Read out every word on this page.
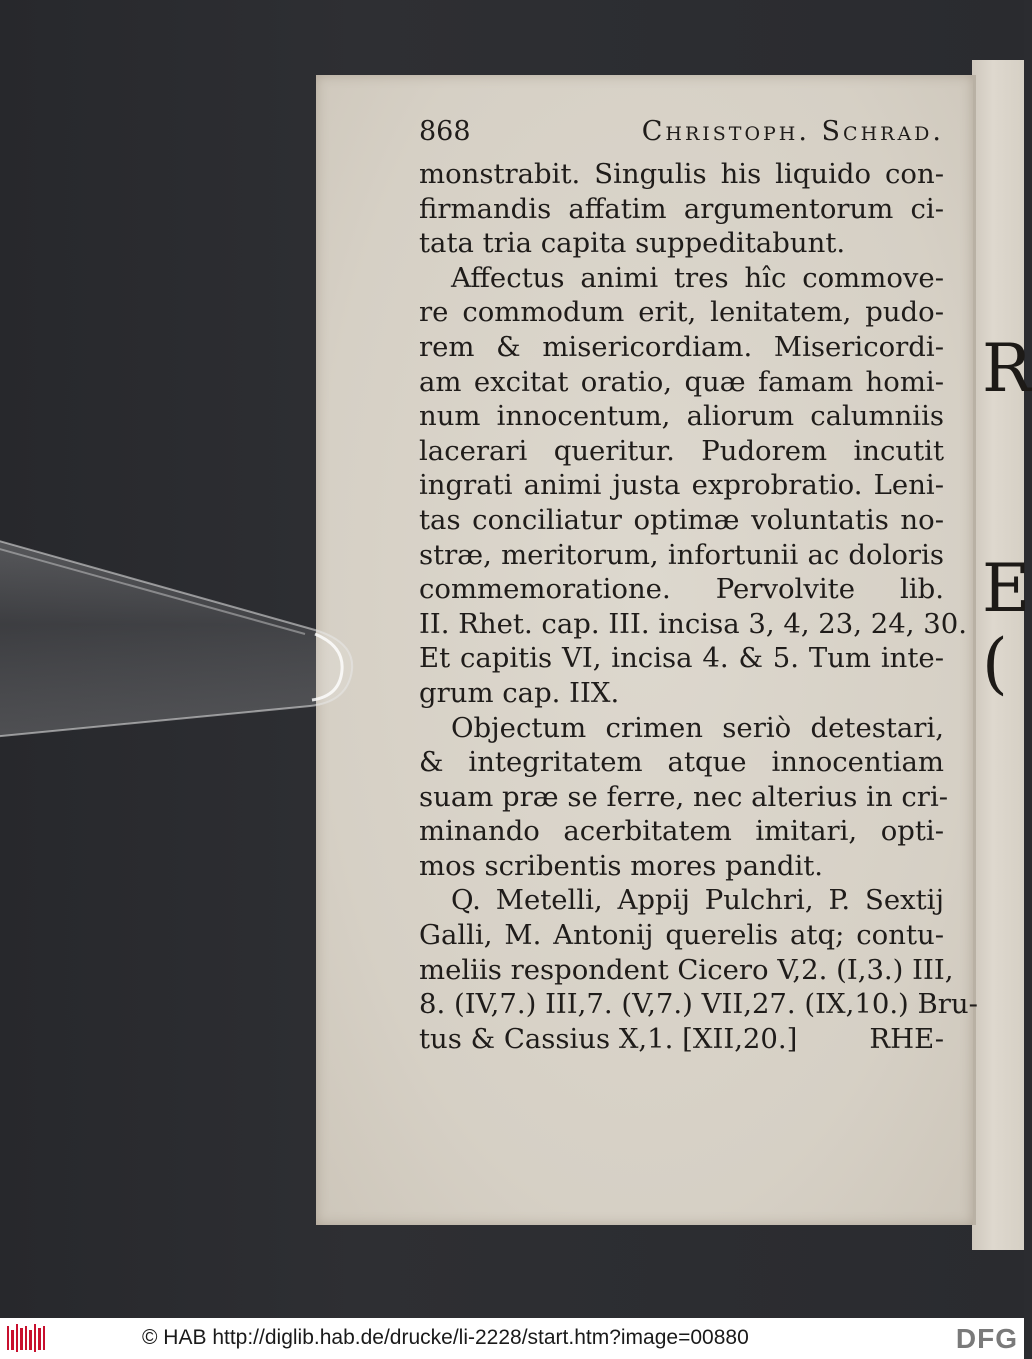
R
E
(
868	Christoph. Schrad.
monstrabit. Singulis his liquido con-
firmandis affatim argumentorum ci-
tata tria capita suppeditabunt.
Affectus animi tres hîc commove-
re commodum erit, lenitatem, pudo-
rem & misericordiam. Misericordi-
am excitat oratio, quæ famam homi-
num innocentum, aliorum calumniis
lacerari queritur. Pudorem incutit
ingrati animi justa exprobratio. Leni-
tas conciliatur optimæ voluntatis no-
stræ, meritorum, infortunii ac doloris
commemoratione. Pervolvite lib.
II. Rhet. cap. III. incisa 3, 4, 23, 24, 30.
Et capitis VI, incisa 4. & 5. Tum inte-
grum cap. IIX.
Objectum crimen seriò detestari,
& integritatem atque innocentiam
suam præ se ferre, nec alterius in cri-
minando acerbitatem imitari, opti-
mos scribentis mores pandit.
Q. Metelli, Appij Pulchri, P. Sextij
Galli, M. Antonij querelis atq; contu-
meliis respondent Cicero V,2. (I,3.) III,
8. (IV,7.) III,7. (V,7.) VII,27. (IX,10.) Bru-
tus & Cassius X,1. [XII,20.]	RHE-
© HAB http://diglib.hab.de/drucke/li-2228/start.htm?image=00880	DFG
